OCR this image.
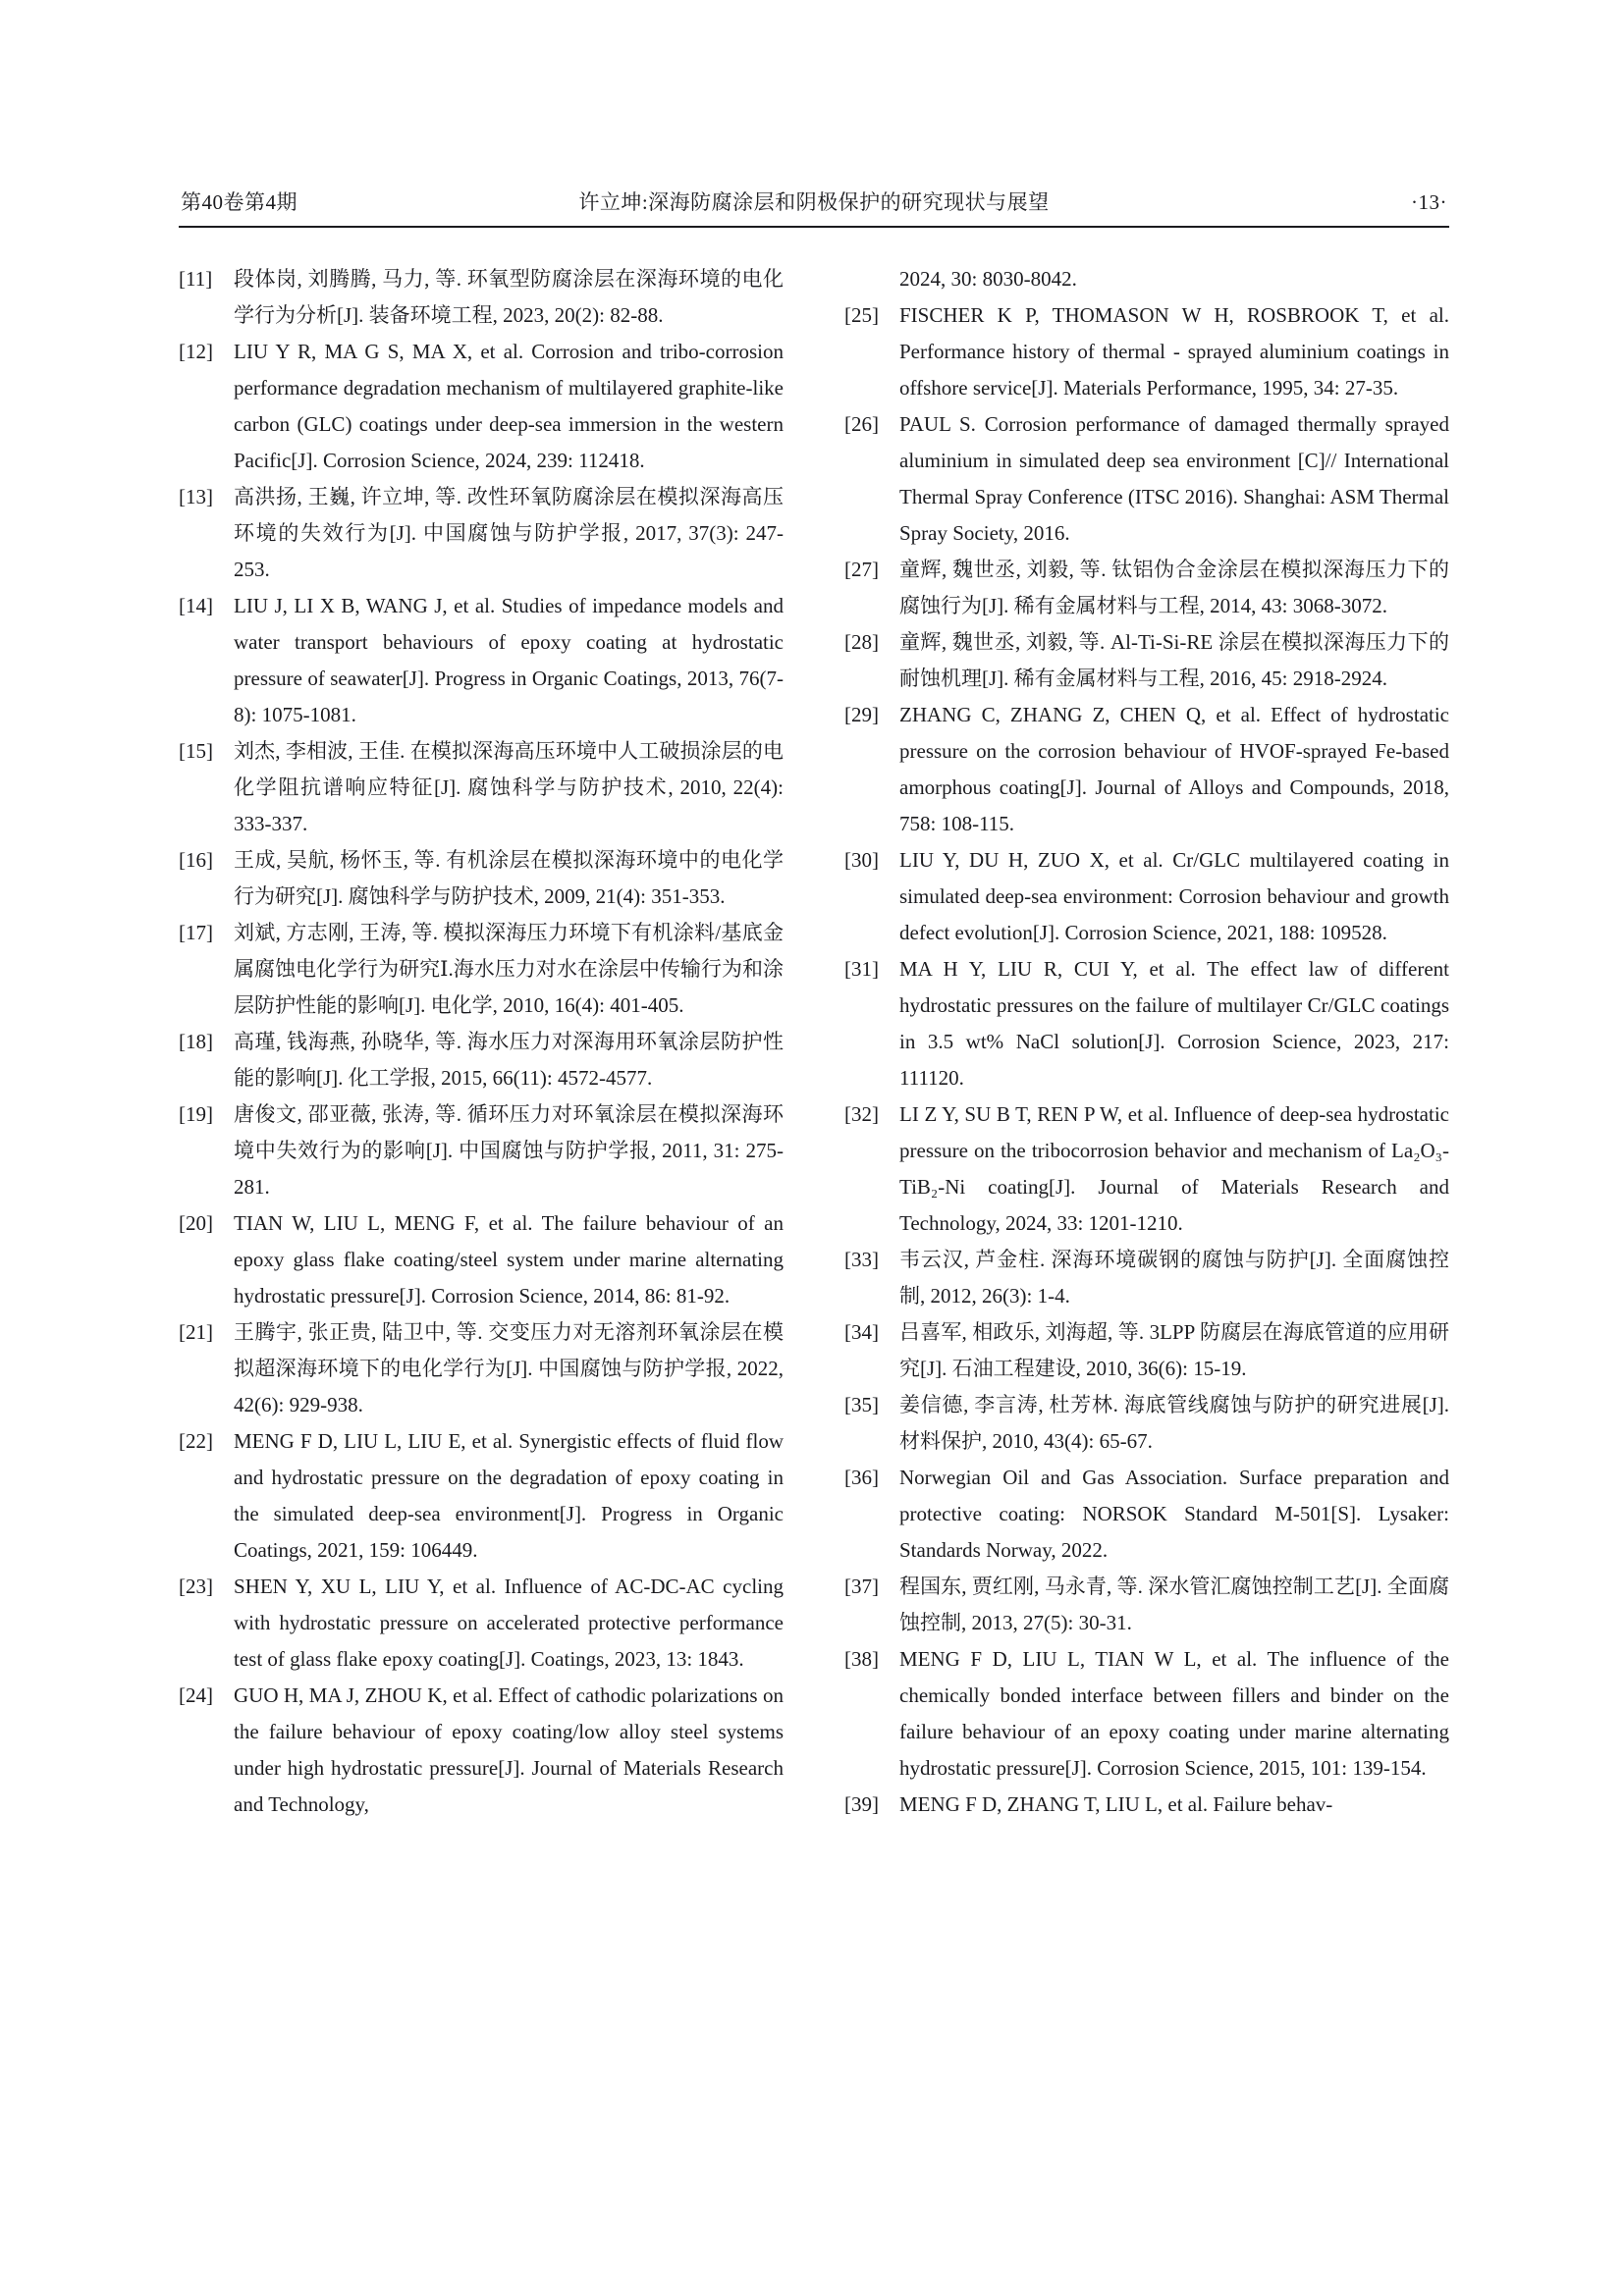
第40卷第4期	许立坤:深海防腐涂层和阴极保护的研究现状与展望	·13·
[11]	段体岗, 刘腾腾, 马力, 等. 环氧型防腐涂层在深海环境的电化学行为分析[J]. 装备环境工程, 2023, 20(2): 82-88.
[12]	LIU Y R, MA G S, MA X, et al. Corrosion and tribo-corrosion performance degradation mechanism of multilayered graphite-like carbon (GLC) coatings under deep-sea immersion in the western Pacific[J]. Corrosion Science, 2024, 239: 112418.
[13]	高洪扬, 王巍, 许立坤, 等. 改性环氧防腐涂层在模拟深海高压环境的失效行为[J]. 中国腐蚀与防护学报, 2017, 37(3): 247-253.
[14]	LIU J, LI X B, WANG J, et al. Studies of impedance models and water transport behaviours of epoxy coating at hydrostatic pressure of seawater[J]. Progress in Organic Coatings, 2013, 76(7-8): 1075-1081.
[15]	刘杰, 李相波, 王佳. 在模拟深海高压环境中人工破损涂层的电化学阻抗谱响应特征[J]. 腐蚀科学与防护技术, 2010, 22(4): 333-337.
[16]	王成, 吴航, 杨怀玉, 等. 有机涂层在模拟深海环境中的电化学行为研究[J]. 腐蚀科学与防护技术, 2009, 21(4): 351-353.
[17]	刘斌, 方志刚, 王涛, 等. 模拟深海压力环境下有机涂料/基底金属腐蚀电化学行为研究Ⅰ.海水压力对水在涂层中传输行为和涂层防护性能的影响[J]. 电化学, 2010, 16(4): 401-405.
[18]	高瑾, 钱海燕, 孙晓华, 等. 海水压力对深海用环氧涂层防护性能的影响[J]. 化工学报, 2015, 66(11): 4572-4577.
[19]	唐俊文, 邵亚薇, 张涛, 等. 循环压力对环氧涂层在模拟深海环境中失效行为的影响[J]. 中国腐蚀与防护学报, 2011, 31: 275-281.
[20]	TIAN W, LIU L, MENG F, et al. The failure behaviour of an epoxy glass flake coating/steel system under marine alternating hydrostatic pressure[J]. Corrosion Science, 2014, 86: 81-92.
[21]	王腾宇, 张正贵, 陆卫中, 等. 交变压力对无溶剂环氧涂层在模拟超深海环境下的电化学行为[J]. 中国腐蚀与防护学报, 2022, 42(6): 929-938.
[22]	MENG F D, LIU L, LIU E, et al. Synergistic effects of fluid flow and hydrostatic pressure on the degradation of epoxy coating in the simulated deep-sea environment[J]. Progress in Organic Coatings, 2021, 159: 106449.
[23]	SHEN Y, XU L, LIU Y, et al. Influence of AC-DC-AC cycling with hydrostatic pressure on accelerated protective performance test of glass flake epoxy coating[J]. Coatings, 2023, 13: 1843.
[24]	GUO H, MA J, ZHOU K, et al. Effect of cathodic polarizations on the failure behaviour of epoxy coating/low alloy steel systems under high hydrostatic pressure[J]. Journal of Materials Research and Technology,
2024, 30: 8030-8042.
[25]	FISCHER K P, THOMASON W H, ROSBROOK T, et al. Performance history of thermal - sprayed aluminium coatings in offshore service[J]. Materials Performance, 1995, 34: 27-35.
[26]	PAUL S. Corrosion performance of damaged thermally sprayed aluminium in simulated deep sea environment [C]// International Thermal Spray Conference (ITSC 2016). Shanghai: ASM Thermal Spray Society, 2016.
[27]	童辉, 魏世丞, 刘毅, 等. 钛铝伪合金涂层在模拟深海压力下的腐蚀行为[J]. 稀有金属材料与工程, 2014, 43: 3068-3072.
[28]	童辉, 魏世丞, 刘毅, 等. Al-Ti-Si-RE 涂层在模拟深海压力下的耐蚀机理[J]. 稀有金属材料与工程, 2016, 45: 2918-2924.
[29]	ZHANG C, ZHANG Z, CHEN Q, et al. Effect of hydrostatic pressure on the corrosion behaviour of HVOF-sprayed Fe-based amorphous coating[J]. Journal of Alloys and Compounds, 2018, 758: 108-115.
[30]	LIU Y, DU H, ZUO X, et al. Cr/GLC multilayered coating in simulated deep-sea environment: Corrosion behaviour and growth defect evolution[J]. Corrosion Science, 2021, 188: 109528.
[31]	MA H Y, LIU R, CUI Y, et al. The effect law of different hydrostatic pressures on the failure of multilayer Cr/GLC coatings in 3.5 wt% NaCl solution[J]. Corrosion Science, 2023, 217: 111120.
[32]	LI Z Y, SU B T, REN P W, et al. Influence of deep-sea hydrostatic pressure on the tribocorrosion behavior and mechanism of La₂O₃-TiB₂-Ni coating[J]. Journal of Materials Research and Technology, 2024, 33: 1201-1210.
[33]	韦云汉, 芦金柱. 深海环境碳钢的腐蚀与防护[J]. 全面腐蚀控制, 2012, 26(3): 1-4.
[34]	吕喜军, 相政乐, 刘海超, 等. 3LPP 防腐层在海底管道的应用研究[J]. 石油工程建设, 2010, 36(6): 15-19.
[35]	姜信德, 李言涛, 杜芳林. 海底管线腐蚀与防护的研究进展[J]. 材料保护, 2010, 43(4): 65-67.
[36]	Norwegian Oil and Gas Association. Surface preparation and protective coating: NORSOK Standard M-501[S]. Lysaker: Standards Norway, 2022.
[37]	程国东, 贾红刚, 马永青, 等. 深水管汇腐蚀控制工艺[J]. 全面腐蚀控制, 2013, 27(5): 30-31.
[38]	MENG F D, LIU L, TIAN W L, et al. The influence of the chemically bonded interface between fillers and binder on the failure behaviour of an epoxy coating under marine alternating hydrostatic pressure[J]. Corrosion Science, 2015, 101: 139-154.
[39]	MENG F D, ZHANG T, LIU L, et al. Failure behav-
